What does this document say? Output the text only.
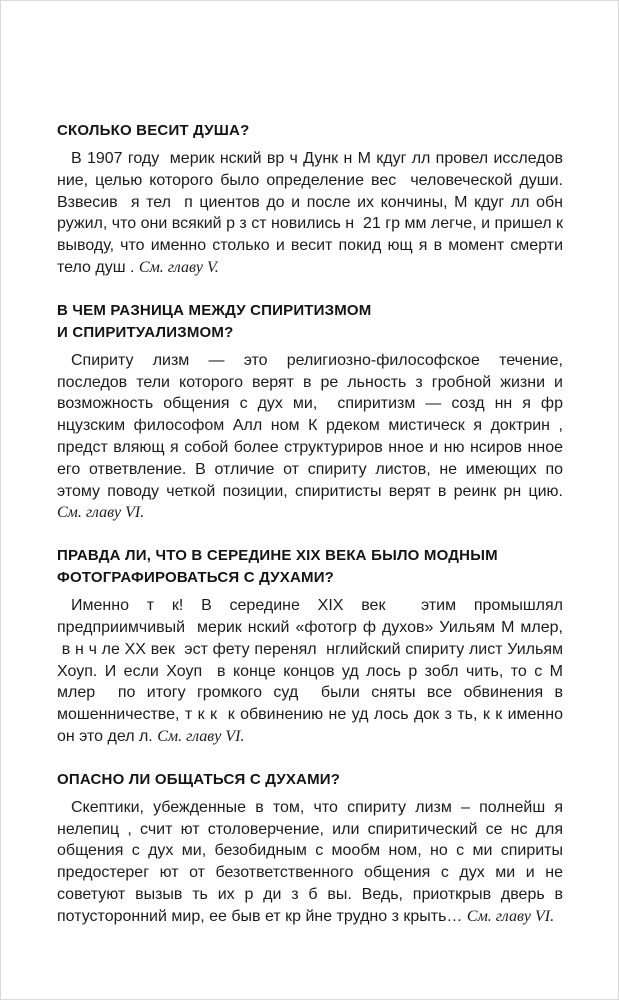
СКОЛЬКО ВЕСИТ ДУША?

В 1907 году  мерик нский вр ч Дунк н М кдуг лл провел исследов ние, целью которого было определение вес  человеческой души. Взвесив  я тел  п циентов до и после их кончины, М кдуг лл обн ружил, что они всякий р з ст новились н  21 гр мм легче, и пришел к выводу, что именно столько и весит покид ющ я в момент смерти тело душ . См. главу V.

В ЧЕМ РАЗНИЦА МЕЖДУ СПИРИТИЗМОМ
И СПИРИТУАЛИЗМОМ?

Спириту лизм — это религиозно-философское течение, последов тели которого верят в ре льность з гробной жизни и возможность общения с дух ми,  спиритизм — созд нн я фр нцузским философом Алл ном К рдеком мистическ я доктрин , предст вляющ я собой более структуриров нное и ню нсиров нное его ответвление. В отличие от спириту листов, не имеющих по этому поводу четкой позиции, спиритисты верят в реинк рн цию. См. главу VI.

ПРАВДА ЛИ, ЧТО В СЕРЕДИНЕ XIX ВЕКА БЫЛО МОДНЫМ
ФОТОГРАФИРОВАТЬСЯ С ДУХАМИ?

Именно т к! В середине XIX век  этим промышлял предприимчивый  мерик нский «фотогр ф духов» Уильям М млер,  в н ч ле XX век  эст фету перенял  нглийский спириту лист Уильям Хоуп. И если Хоуп  в конце концов уд лось р зобл чить, то с М млер  по итогу громкого суд  были сняты все обвинения в мошенничестве, т к к  к обвинению не уд лось док з ть, к к именно он это дел л. См. главу VI.

ОПАСНО ЛИ ОБЩАТЬСЯ С ДУХАМИ?

Скептики, убежденные в том, что спириту лизм – полнейш я нелепиц , счит ют столоверчение, или спиритический се нс для общения с дух ми, безобидным с мообм ном, но с ми спириты предостерег ют от безответственного общения с дух ми и не советуют вызыв ть их р ди з б вы. Ведь, приоткрыв дверь в потусторонний мир, ее быв ет кр йне трудно з крыть… См. главу VI.
